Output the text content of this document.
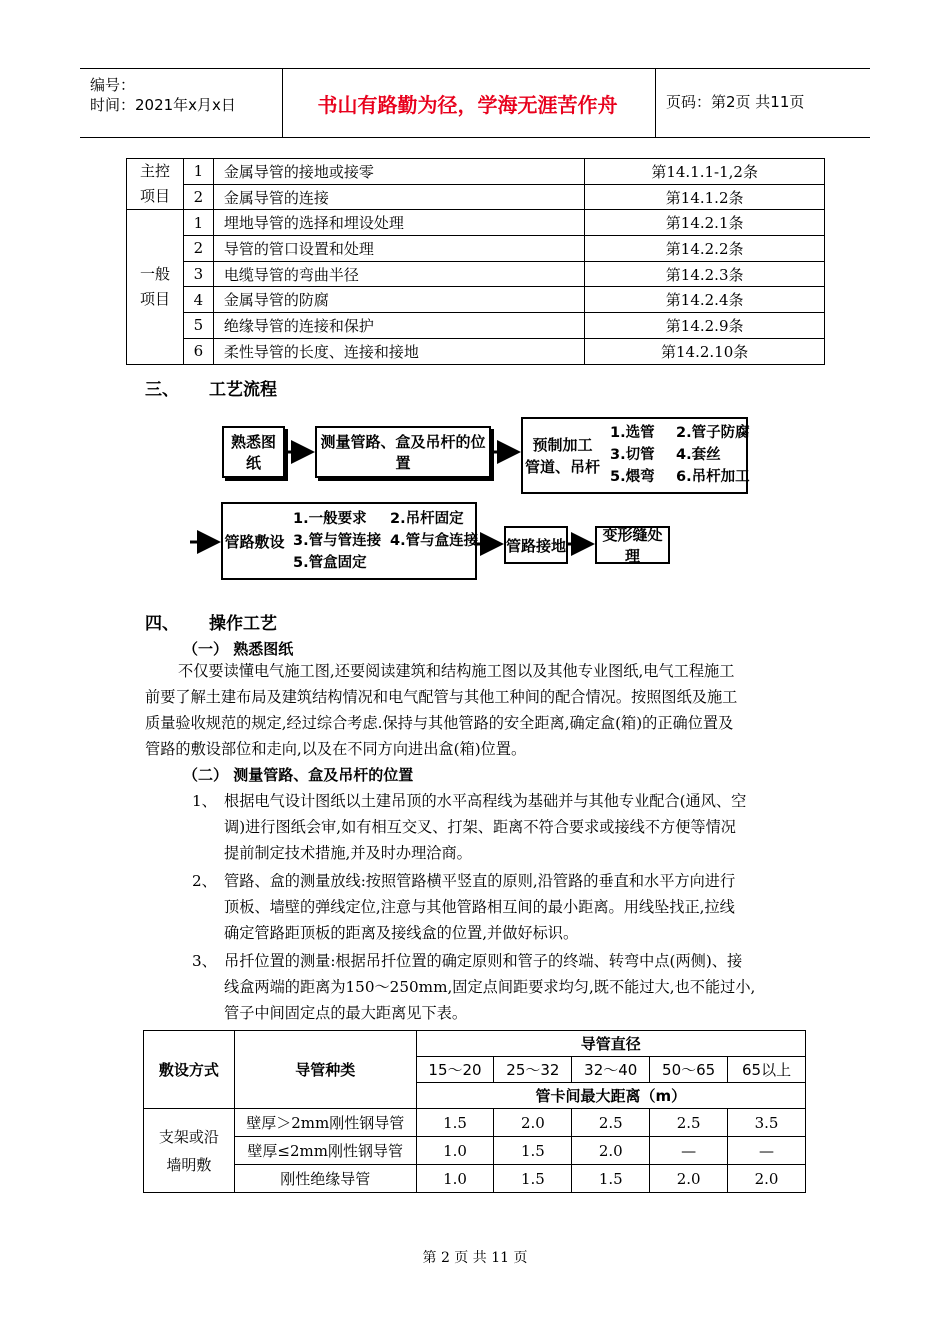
编号：
时间：2021年x月x日	书山有路勤为径，学海无涯苦作舟	页码：第2页 共11页
主控
项目	1	金属导管的接地或接零	第14.1.1-1,2条
	2	金属导管的连接	第14.1.2条
一般
项目	1	埋地导管的选择和埋设处理	第14.2.1条
	2	导管的管口设置和处理	第14.2.2条
	3	电缆导管的弯曲半径	第14.2.3条
	4	金属导管的防腐	第14.2.4条
	5	绝缘导管的连接和保护	第14.2.9条
	6	柔性导管的长度、连接和接地	第14.2.10条
三、 工艺流程
熟悉图纸
测量管路、盒及吊杆的位置
预制加工
管道、吊杆
1.选管 2.管子防腐
3.切管 4.套丝
5.煨弯 6.吊杆加工
管路敷设
1.一般要求 2.吊杆固定
3.管与管连接 4.管与盒连接
5.管盒固定
管路接地
变形缝处理
四、 操作工艺

（一） 熟悉图纸

不仅要读懂电气施工图,还要阅读建筑和结构施工图以及其他专业图纸,电气工程施工
前要了解土建布局及建筑结构情况和电气配管与其他工种间的配合情况。按照图纸及施工
质量验收规范的规定,经过综合考虑.保持与其他管路的安全距离,确定盒(箱)的正确位置及
管路的敷设部位和走向,以及在不同方向进出盒(箱)位置。

（二） 测量管路、盒及吊杆的位置

1、 根据电气设计图纸以土建吊顶的水平高程线为基础并与其他专业配合(通风、空
调)进行图纸会审,如有相互交叉、打架、距离不符合要求或接线不方便等情况
提前制定技术措施,并及时办理洽商。
2、 管路、盒的测量放线:按照管路横平竖直的原则,沿管路的垂直和水平方向进行
顶板、墙壁的弹线定位,注意与其他管路相互间的最小距离。用线坠找正,拉线
确定管路距顶板的距离及接线盒的位置,并做好标识。
3、 吊扦位置的测量:根据吊扦位置的确定原则和管子的终端、转弯中点(两侧)、接
线盒两端的距离为150～250mm,固定点间距要求均匀,既不能过大,也不能过小,
管子中间固定点的最大距离见下表。
敷设方式	导管种类	导管直径				
		15～20	25～32	32～40	50～65	65以上
		管卡间最大距离（m）				
支架或沿
墙明敷	壁厚＞2mm刚性钢导管	1.5	2.0	2.5	2.5	3.5
	壁厚≤2mm刚性钢导管	1.0	1.5	2.0	—	—
	刚性绝缘导管	1.0	1.5	1.5	2.0	2.0
第 2 页 共 11 页
